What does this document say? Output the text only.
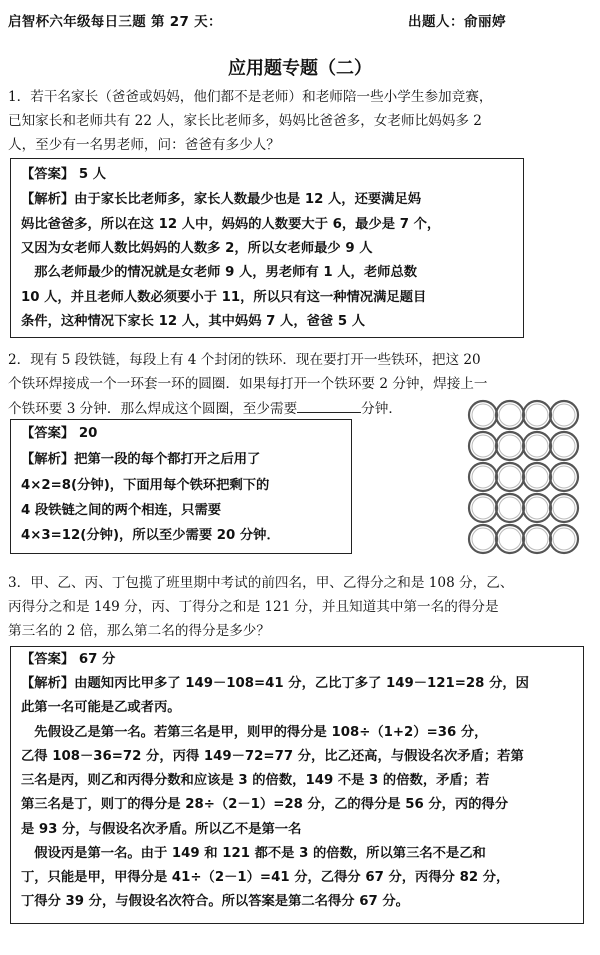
启智杯六年级每日三题 第 27 天：	出题人：俞丽婷
应用题专题（二）
1．若干名家长（爸爸或妈妈，他们都不是老师）和老师陪一些小学生参加竞赛，
已知家长和老师共有 22 人，家长比老师多，妈妈比爸爸多，女老师比妈妈多 2
人，至少有一名男老师，问：爸爸有多少人？
【答案】 5 人
【解析】由于家长比老师多，家长人数最少也是 12 人，还要满足妈
妈比爸爸多，所以在这 12 人中，妈妈的人数要大于 6，最少是 7 个，
又因为女老师人数比妈妈的人数多 2，所以女老师最少 9 人
　那么老师最少的情况就是女老师 9 人，男老师有 1 人，老师总数
10 人，并且老师人数必须要小于 11，所以只有这一种情况满足题目
条件，这种情况下家长 12 人，其中妈妈 7 人，爸爸 5 人
2．现有 5 段铁链，每段上有 4 个封闭的铁环．现在要打开一些铁环，把这 20
个铁环焊接成一个一环套一环的圆圈．如果每打开一个铁环要 2 分钟，焊接上一
个铁环要 3 分钟．那么焊成这个圆圈，至少需要	分钟．
【答案】 20
【解析】把第一段的每个都打开之后用了
4×2=8(分钟)，下面用每个铁环把剩下的
4 段铁链之间的两个相连，只需要
4×3=12(分钟)，所以至少需要 20 分钟．
3．甲、乙、丙、丁包揽了班里期中考试的前四名，甲、乙得分之和是 108 分，乙、
丙得分之和是 149 分，丙、丁得分之和是 121 分，并且知道其中第一名的得分是
第三名的 2 倍，那么第二名的得分是多少？
【答案】 67 分
【解析】由题知丙比甲多了 149－108=41 分，乙比丁多了 149－121=28 分，因
此第一名可能是乙或者丙。
　先假设乙是第一名。若第三名是甲，则甲的得分是 108÷（1+2）=36 分，
乙得 108－36=72 分，丙得 149－72=77 分，比乙还高，与假设名次矛盾；若第
三名是丙，则乙和丙得分数和应该是 3 的倍数，149 不是 3 的倍数，矛盾；若
第三名是丁，则丁的得分是 28÷（2－1）=28 分，乙的得分是 56 分，丙的得分
是 93 分，与假设名次矛盾。所以乙不是第一名
　假设丙是第一名。由于 149 和 121 都不是 3 的倍数，所以第三名不是乙和
丁，只能是甲，甲得分是 41÷（2－1）=41 分，乙得分 67 分，丙得分 82 分，
丁得分 39 分，与假设名次符合。所以答案是第二名得分 67 分。
